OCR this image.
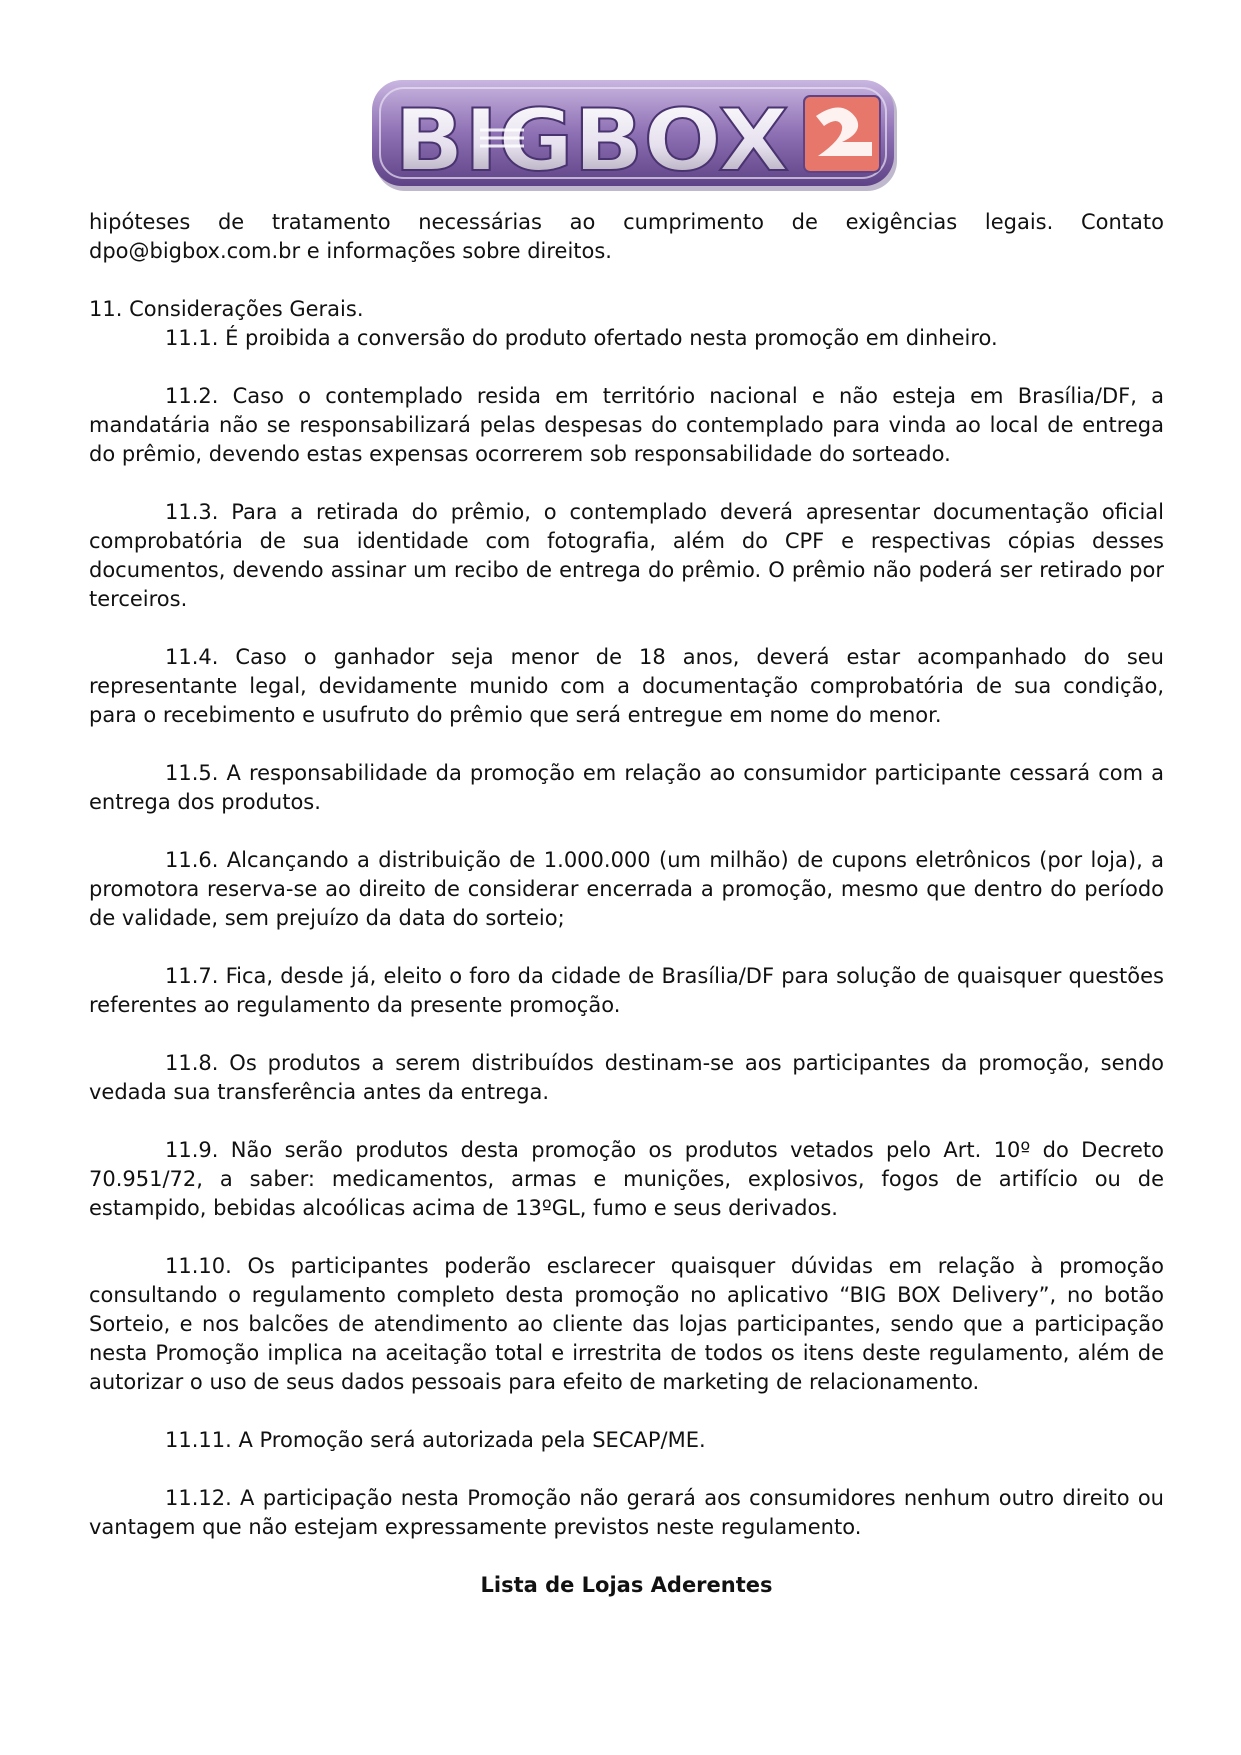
BIGBOX

hipóteses de tratamento necessárias ao cumprimento de exigências legais. Contato dpo@bigbox.com.br e informações sobre direitos.

11. Considerações Gerais.

11.1. É proibida a conversão do produto ofertado nesta promoção em dinheiro.

11.2. Caso o contemplado resida em território nacional e não esteja em Brasília/DF, a mandatária não se responsabilizará pelas despesas do contemplado para vinda ao local de entrega do prêmio, devendo estas expensas ocorrerem sob responsabilidade do sorteado.

11.3. Para a retirada do prêmio, o contemplado deverá apresentar documentação oficial comprobatória de sua identidade com fotografia, além do CPF e respectivas cópias desses documentos, devendo assinar um recibo de entrega do prêmio. O prêmio não poderá ser retirado por terceiros.

11.4. Caso o ganhador seja menor de 18 anos, deverá estar acompanhado do seu representante legal, devidamente munido com a documentação comprobatória de sua condição, para o recebimento e usufruto do prêmio que será entregue em nome do menor.

11.5. A responsabilidade da promoção em relação ao consumidor participante cessará com a entrega dos produtos.

11.6. Alcançando a distribuição de 1.000.000 (um milhão) de cupons eletrônicos (por loja), a promotora reserva-se ao direito de considerar encerrada a promoção, mesmo que dentro do período de validade, sem prejuízo da data do sorteio;

11.7. Fica, desde já, eleito o foro da cidade de Brasília/DF para solução de quaisquer questões referentes ao regulamento da presente promoção.

11.8. Os produtos a serem distribuídos destinam-se aos participantes da promoção, sendo vedada sua transferência antes da entrega.

11.9. Não serão produtos desta promoção os produtos vetados pelo Art. 10º do Decreto 70.951/72, a saber: medicamentos, armas e munições, explosivos, fogos de artifício ou de estampido, bebidas alcoólicas acima de 13ºGL, fumo e seus derivados.

11.10. Os participantes poderão esclarecer quaisquer dúvidas em relação à promoção consultando o regulamento completo desta promoção no aplicativo “BIG BOX Delivery”, no botão Sorteio, e nos balcões de atendimento ao cliente das lojas participantes, sendo que a participação nesta Promoção implica na aceitação total e irrestrita de todos os itens deste regulamento, além de autorizar o uso de seus dados pessoais para efeito de marketing de relacionamento.

11.11. A Promoção será autorizada pela SECAP/ME.

11.12. A participação nesta Promoção não gerará aos consumidores nenhum outro direito ou vantagem que não estejam expressamente previstos neste regulamento.

Lista de Lojas Aderentes
